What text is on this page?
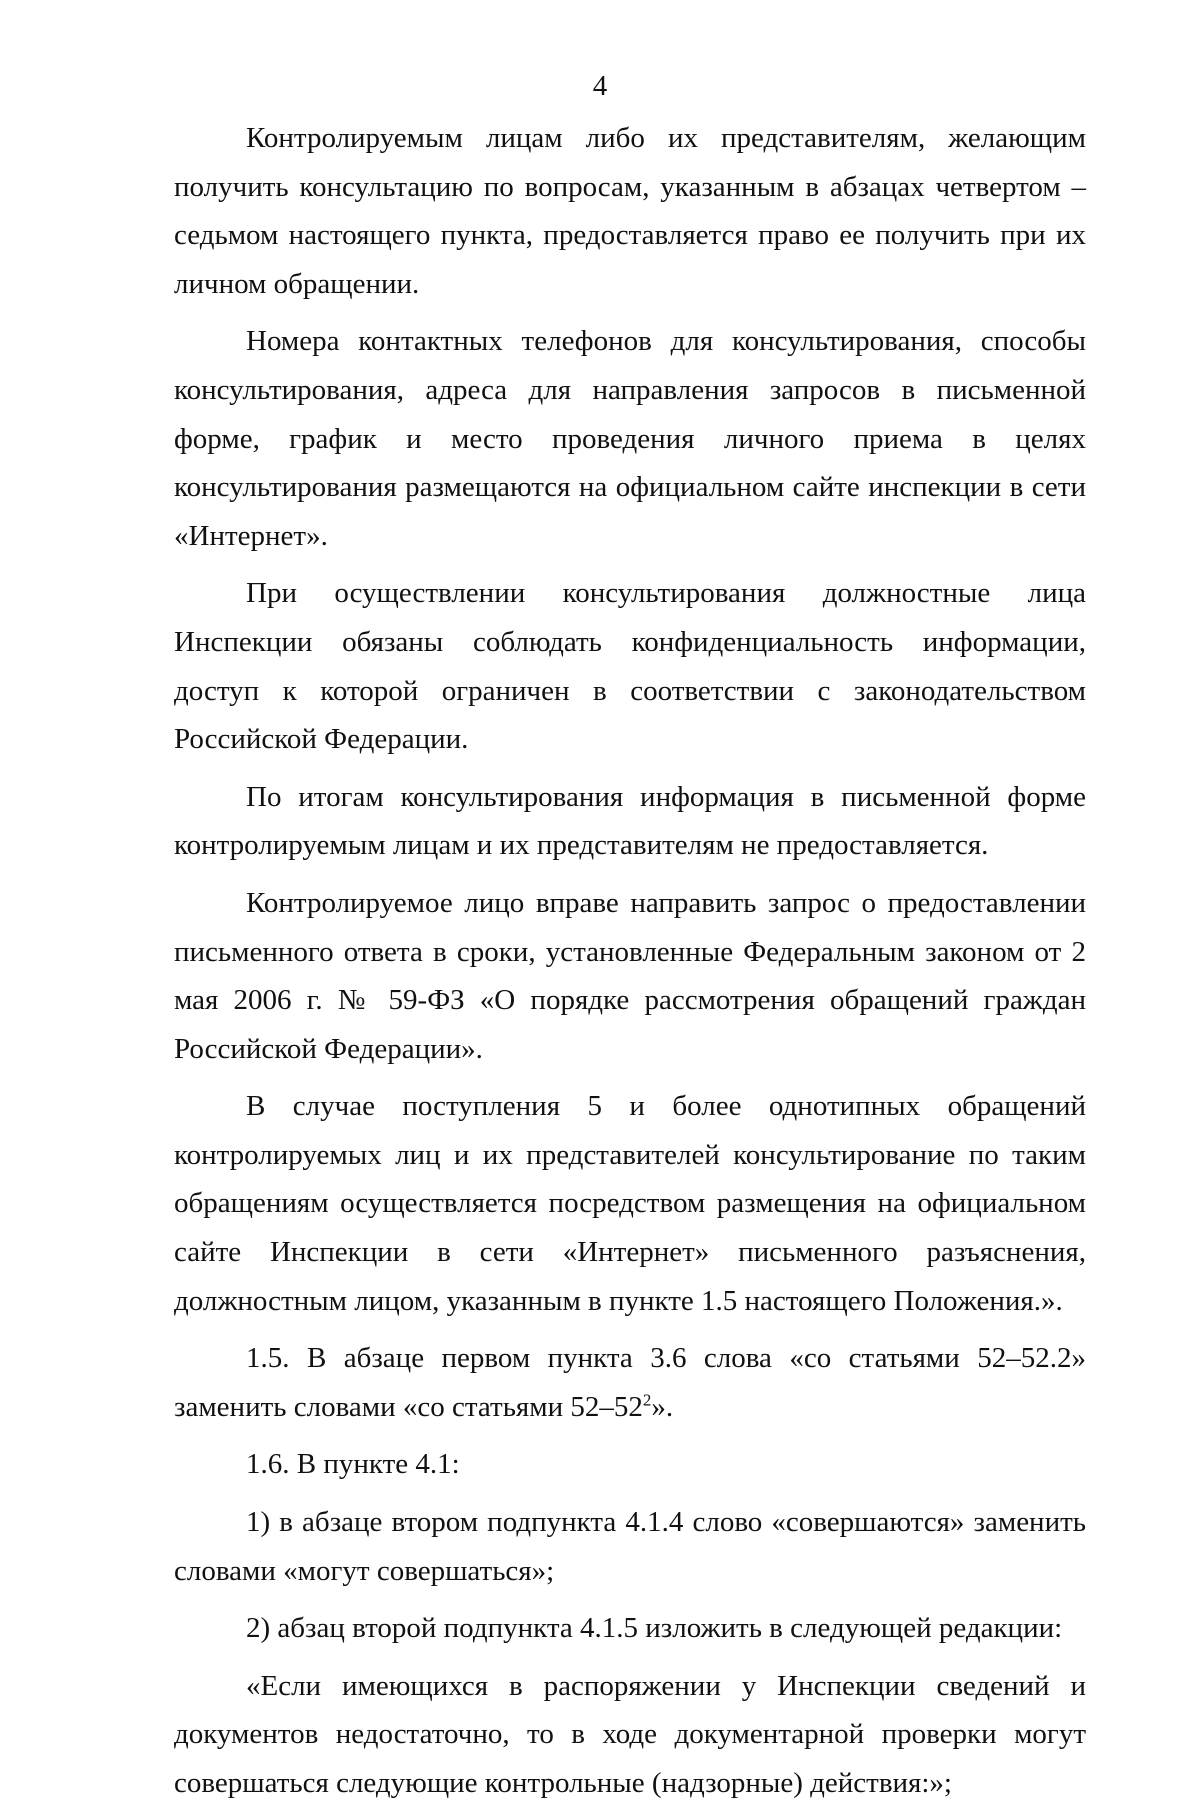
4

Контролируемым лицам либо их представителям, желающим получить консультацию по вопросам, указанным в абзацах четвертом – седьмом настоящего пункта, предоставляется право ее получить при их личном обращении.

Номера контактных телефонов для консультирования, способы консультирования, адреса для направления запросов в письменной форме, график и место проведения личного приема в целях консультирования размещаются на официальном сайте инспекции в сети «Интернет».

При осуществлении консультирования должностные лица Инспекции обязаны соблюдать конфиденциальность информации, доступ к которой ограничен в соответствии с законодательством Российской Федерации.

По итогам консультирования информация в письменной форме контролируемым лицам и их представителям не предоставляется.

Контролируемое лицо вправе направить запрос о предоставлении письменного ответа в сроки, установленные Федеральным законом от 2 мая 2006 г. № 59-ФЗ «О порядке рассмотрения обращений граждан Российской Федерации».

В случае поступления 5 и более однотипных обращений контролируемых лиц и их представителей консультирование по таким обращениям осуществляется посредством размещения на официальном сайте Инспекции в сети «Интернет» письменного разъяснения, должностным лицом, указанным в пункте 1.5 настоящего Положения.».

1.5. В абзаце первом пункта 3.6 слова «со статьями 52–52.2» заменить словами «со статьями $52-52^2$».

1.6. В пункте 4.1:

1) в абзаце втором подпункта 4.1.4 слово «совершаются» заменить словами «могут совершаться»;

2) абзац второй подпункта 4.1.5 изложить в следующей редакции:

«Если имеющихся в распоряжении у Инспекции сведений и документов недостаточно, то в ходе документарной проверки могут совершаться следующие контрольные (надзорные) действия:»;
